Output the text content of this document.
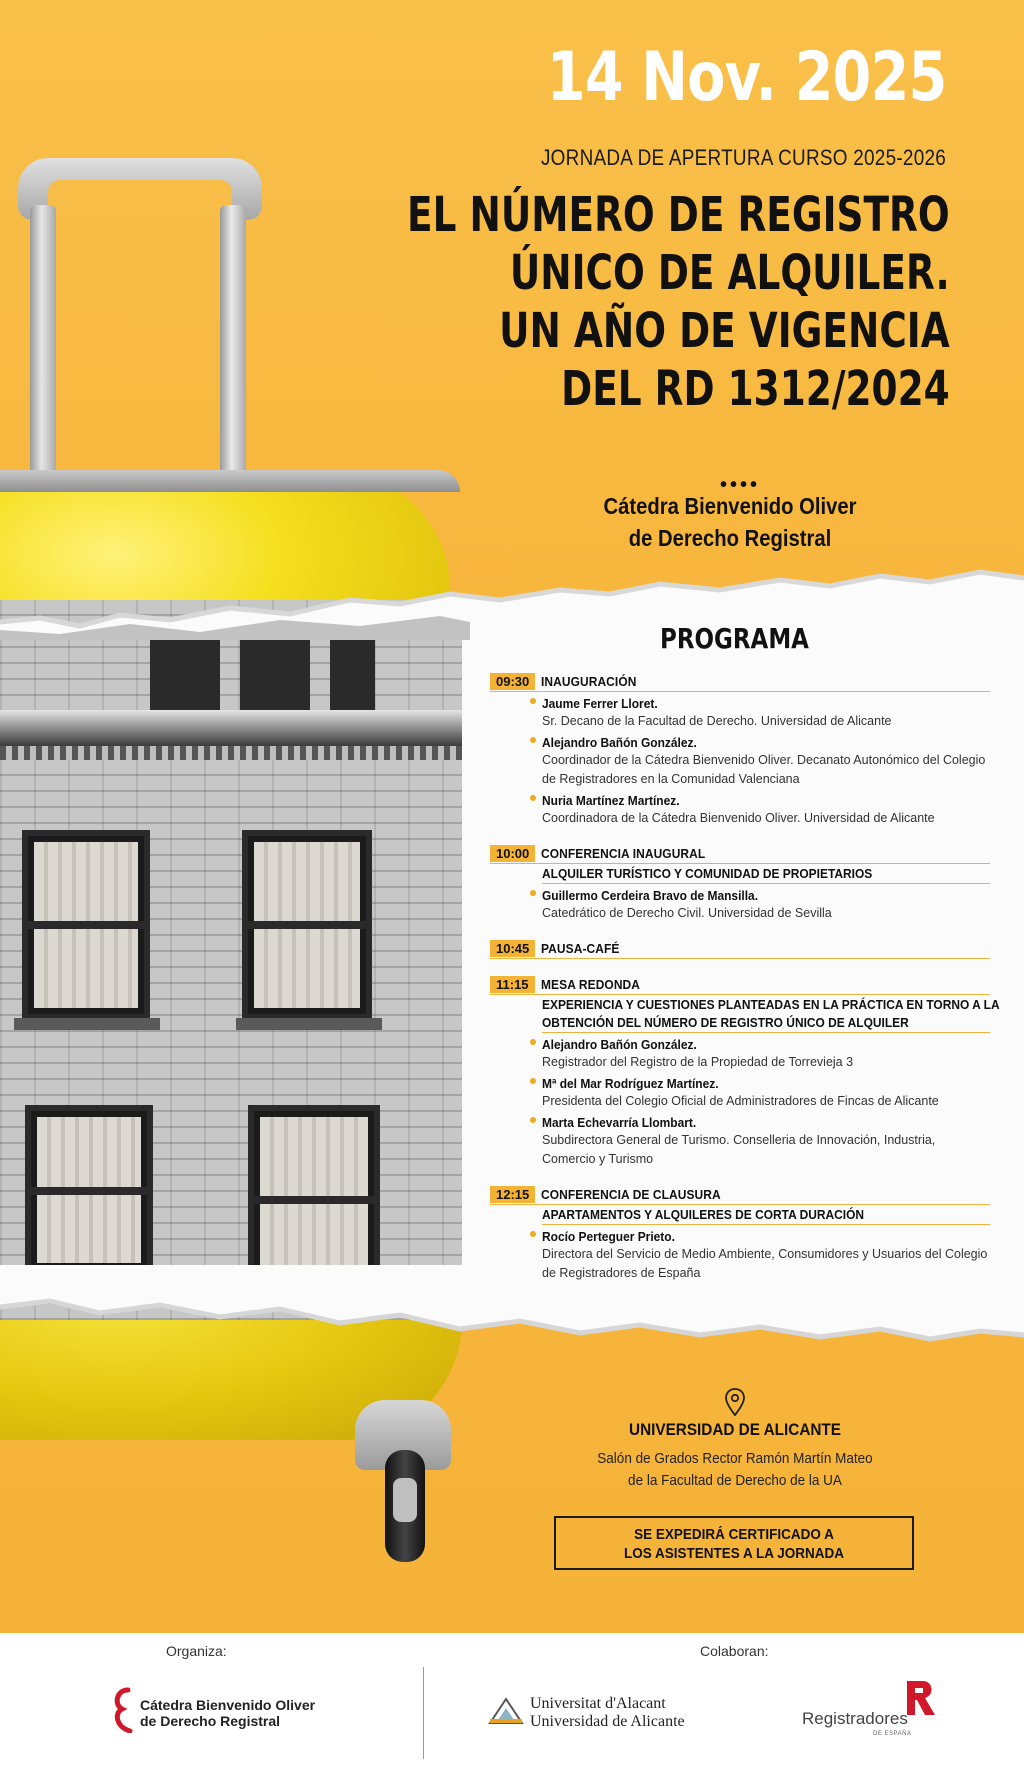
14 Nov. 2025
JORNADA DE APERTURA CURSO 2025-2026
EL NÚMERO DE REGISTRO
ÚNICO DE ALQUILER.
UN AÑO DE VIGENCIA
DEL RD 1312/2024
••••
Cátedra Bienvenido Oliver
de Derecho Registral
PROGRAMA
09:30 INAUGURACIÓN
Jaume Ferrer Lloret.
Sr. Decano de la Facultad de Derecho. Universidad de Alicante
Alejandro Bañón González.
Coordinador de la Cátedra Bienvenido Oliver. Decanato Autonómico del Colegio de Registradores en la Comunidad Valenciana
Nuria Martínez Martínez.
Coordinadora de la Cátedra Bienvenido Oliver. Universidad de Alicante
10:00 CONFERENCIA INAUGURAL
ALQUILER TURÍSTICO Y COMUNIDAD DE PROPIETARIOS
Guillermo Cerdeira Bravo de Mansilla.
Catedrático de Derecho Civil. Universidad de Sevilla
10:45 PAUSA-CAFÉ
11:15 MESA REDONDA
EXPERIENCIA Y CUESTIONES PLANTEADAS EN LA PRÁCTICA EN TORNO A LA
OBTENCIÓN DEL NÚMERO DE REGISTRO ÚNICO DE ALQUILER
Alejandro Bañón González.
Registrador del Registro de la Propiedad de Torrevieja 3
Mª del Mar Rodríguez Martínez.
Presidenta del Colegio Oficial de Administradores de Fincas de Alicante
Marta Echevarría Llombart.
Subdirectora General de Turismo. Conselleria de Innovación, Industria, Comercio y Turismo
12:15 CONFERENCIA DE CLAUSURA
APARTAMENTOS Y ALQUILERES DE CORTA DURACIÓN
Rocío Perteguer Prieto.
Directora del Servicio de Medio Ambiente, Consumidores y Usuarios del Colegio de Registradores de España
UNIVERSIDAD DE ALICANTE
Salón de Grados Rector Ramón Martín Mateo
de la Facultad de Derecho de la UA
SE EXPEDIRÁ CERTIFICADO A
LOS ASISTENTES A LA JORNADA
Organiza:	Colaboran:
Cátedra Bienvenido Oliver
de Derecho Registral
Universitat d'Alacant
Universidad de Alicante	Registradores
DE ESPAÑA
